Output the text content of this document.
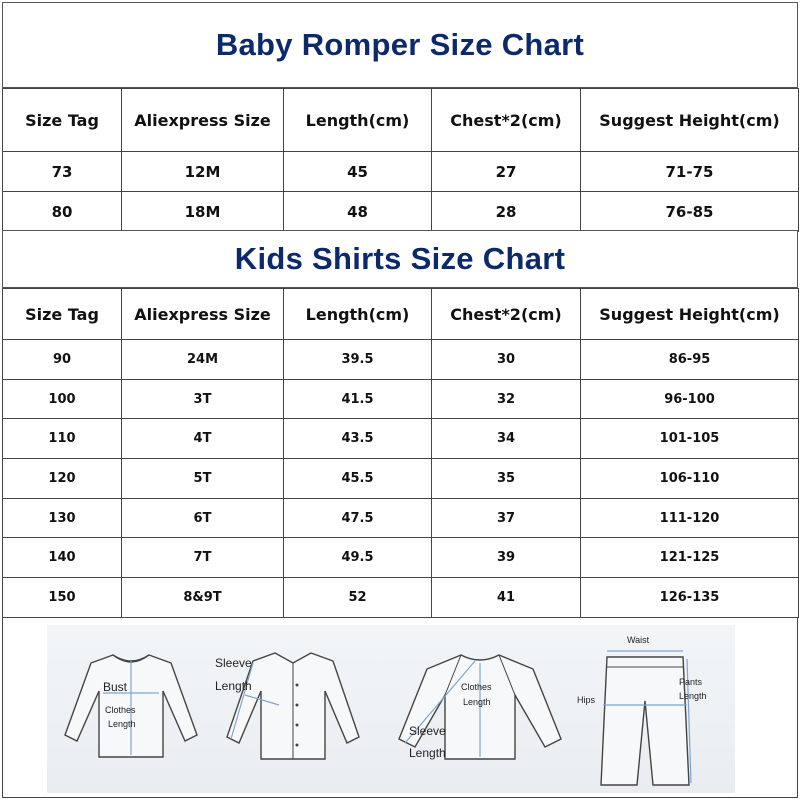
Baby Romper Size Chart
Size Tag	Aliexpress Size	Length(cm)	Chest*2(cm)	Suggest Height(cm)
73	12M	45	27	71-75
80	18M	48	28	76-85
Kids Shirts Size Chart
Size Tag	Aliexpress Size	Length(cm)	Chest*2(cm)	Suggest Height(cm)
90	24M	39.5	30	86-95
100	3T	41.5	32	96-100
110	4T	43.5	34	101-105
120	5T	45.5	35	106-110
130	6T	47.5	37	111-120
140	7T	49.5	39	121-125
150	8&9T	52	41	126-135
Bust
Clothes
Length
Sleeve
Length	Clothes
Length
Sleeve
Length
Waist
Hips
Pants
Length
